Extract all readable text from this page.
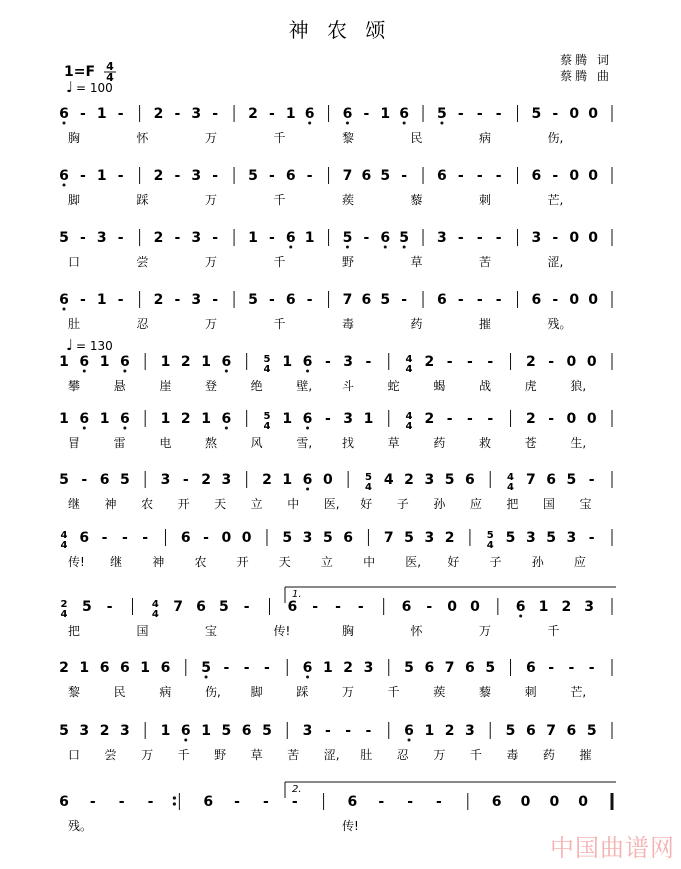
神 农 颂
1=F 4
4
♩ = 100
蔡腾 词
蔡腾 曲
6 - 1 - 2 - 3 - 2 - 1 6 6 - 1 6 5 - - - 5 - 0 0
胸	怀	万	千	黎	民	病	伤,
6 - 1 - 2 - 3 - 5 - 6 - 7 6 5 - 6 - - - 6 - 0 0
脚	踩	万	千	蒺	藜	刺	芒,
5 - 3 - 2 - 3 - 1 - 6 1 5 - 6 5 3 - - - 3 - 0 0
口	尝	万	千	野	草	苦	涩,
6 - 1 - 2 - 3 - 5 - 6 - 7 6 5 - 6 - - - 6 - 0 0
肚	忍	万	千	毒	药	摧	残。
1 6 1 6 1 2 1 6	5 4 1 6 - 3 -	4 4 2 - - - 2 - 0 0
攀	悬	崖	登	绝	壁, 斗	蛇	蝎	战	虎	狼,
1 6 1 6 1 2 1 6	5 4 1 6 - 3 1	4 4 2 - - - 2 - 0 0
冒	雷	电	熬	风	雪, 找	草	药	救	苍	生,
5 - 6 5 3 - 2 3 2 1 6 0	5 4 4 2 3 5 6	4 4 7 6 5 -
继 神 农 开 天 立 中 医, 好 子 孙 应 把 国 宝
4 4 6 - - - 6 - 0 0 5 3 5 6 7 5 3 2	5 4 5 3 5 3 -
传! 继	神	农	开	天	立	中	医, 好	子	孙	应
2 4 5 -	4 4 7 6 5 -	6 - - -	6 - 0 0	6 1 2 3
把	国	宝	传!	胸	怀	万	千
1.
2 1 6 6 1 6 5 - - - 6 1 2 3 5 6 7 6 5 6 - - -
黎	民	病	伤, 脚	踩	万	千	蒺	藜	刺	芒,
5 3 2 3 1 6 1 5 6 5 3 - - - 6 1 2 3 5 6 7 6 5
口 尝 万 千 野 草 苦 涩, 肚 忍 万 千 毒 药 摧
6 - - -	6 - - -	6 - - -	6 0 0 0
残。	传!
2.
♩ = 130
中国曲谱网
